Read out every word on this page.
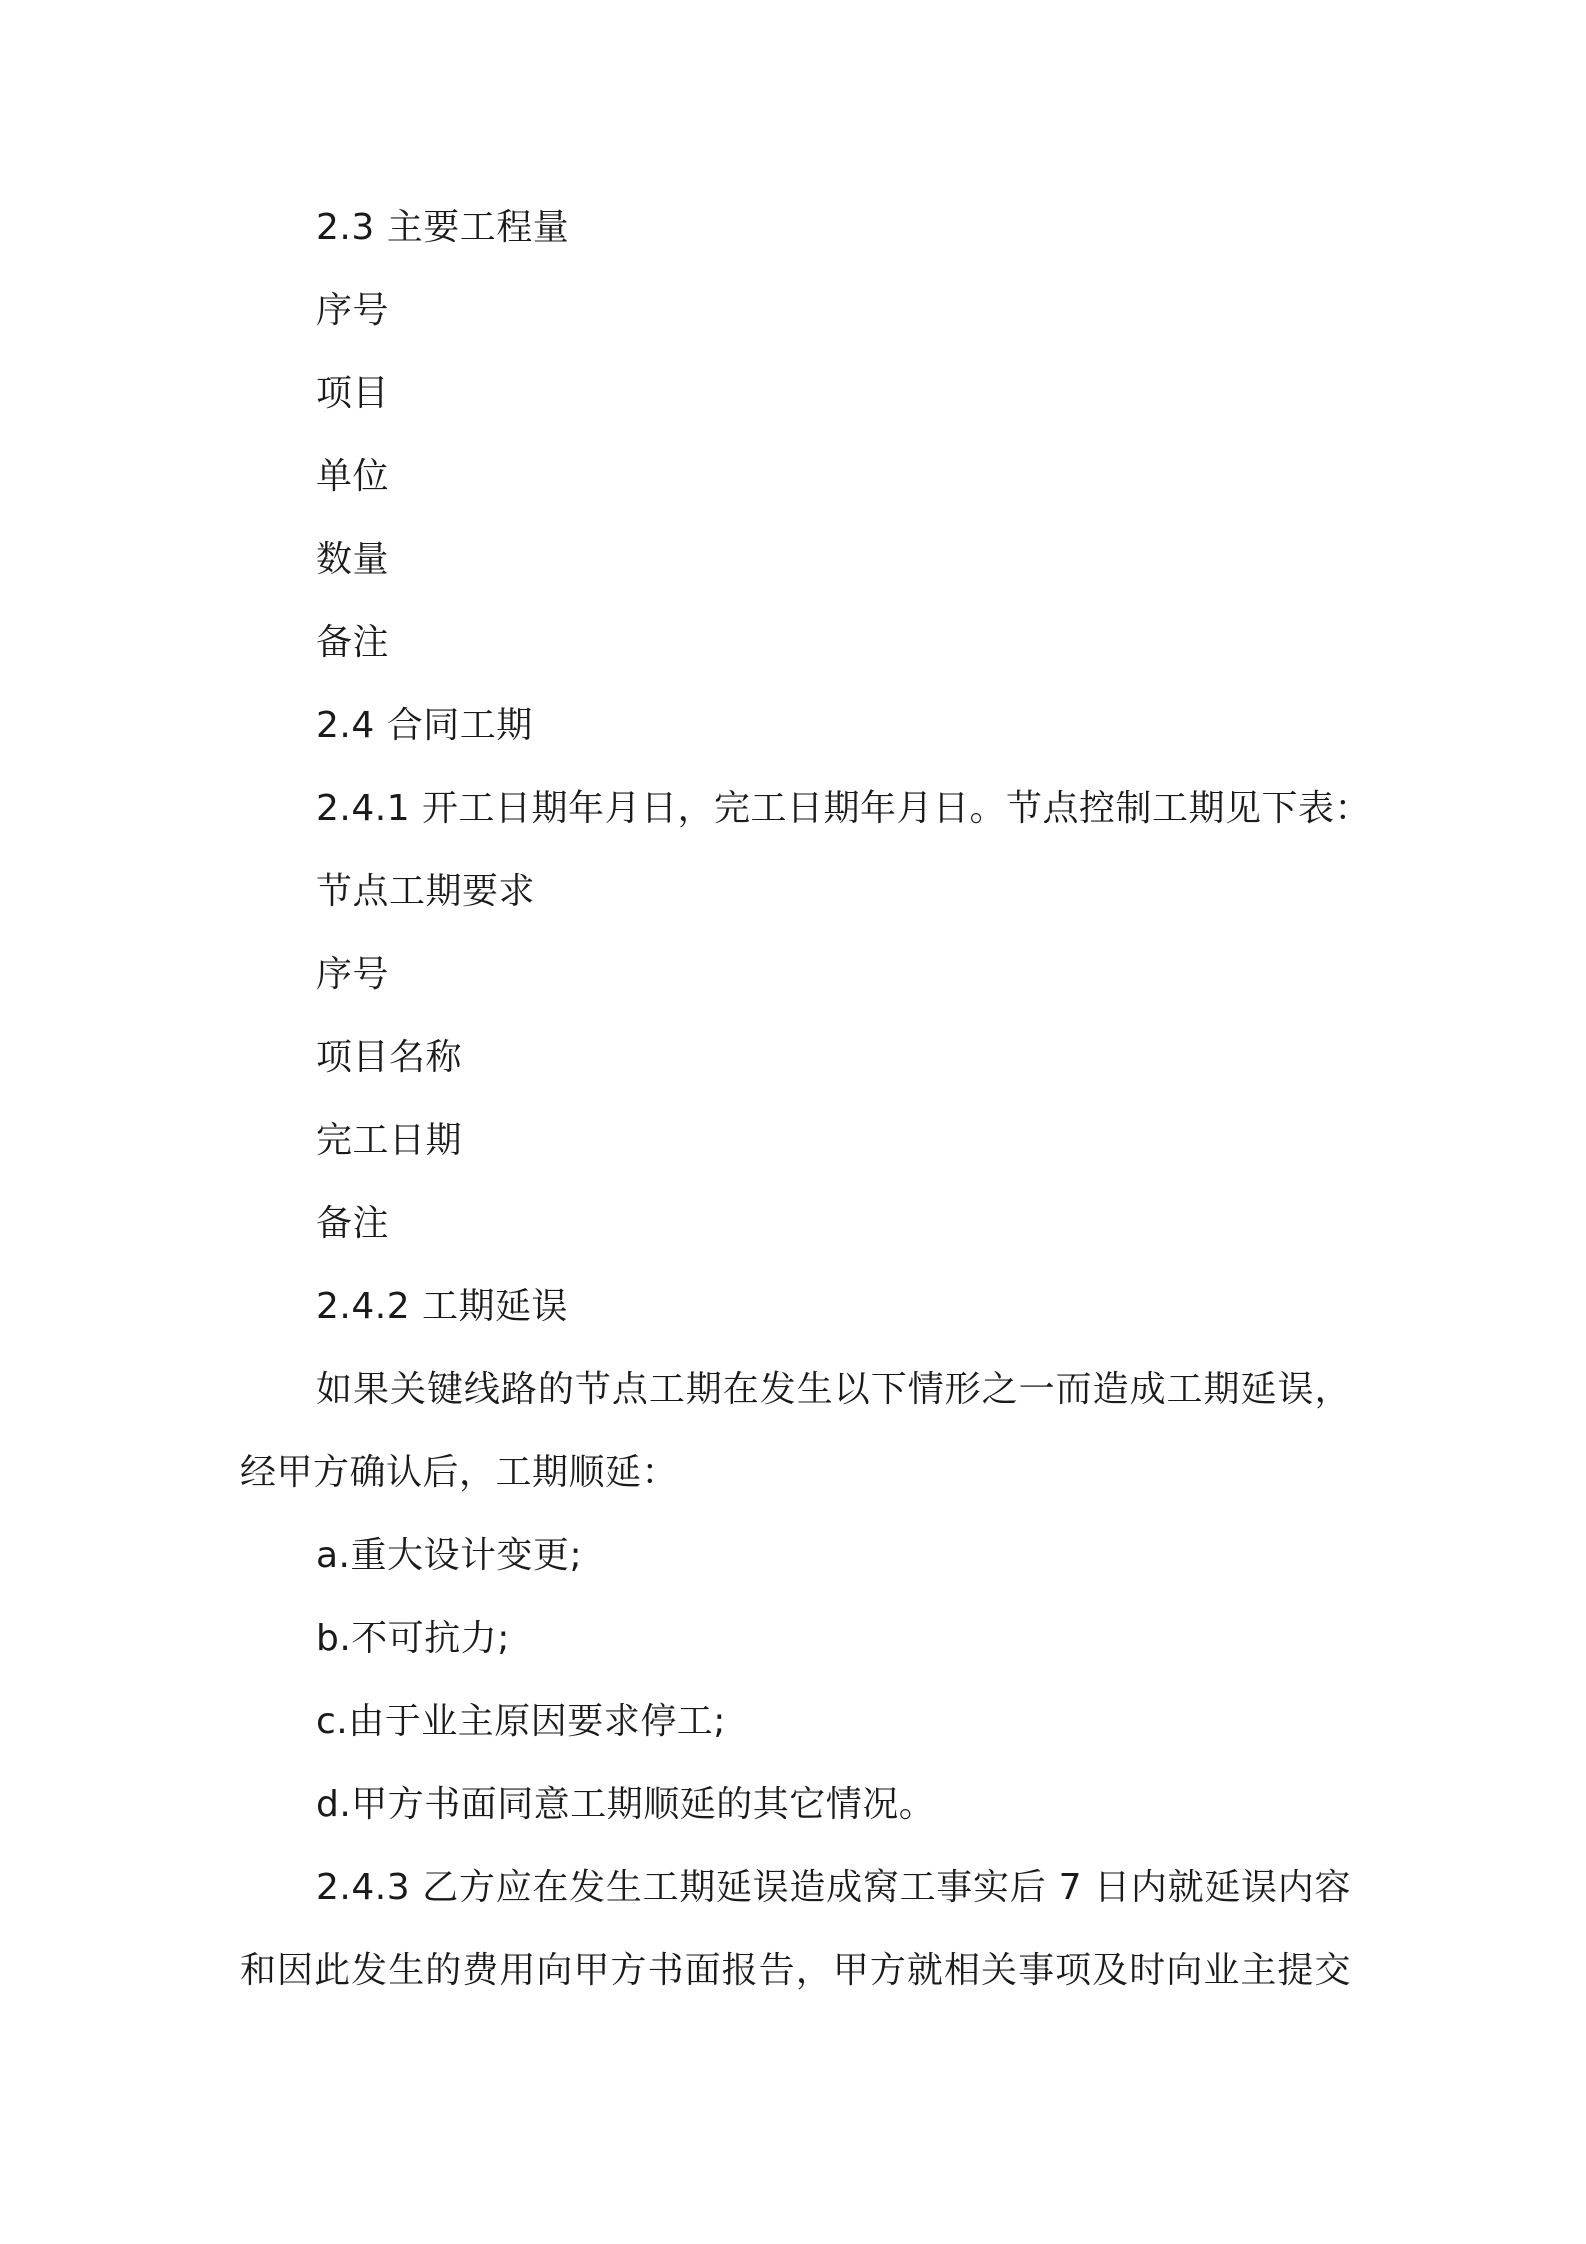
2.3 主要工程量
序号
项目
单位
数量
备注
2.4 合同工期
2.4.1 开工日期年月日，完工日期年月日。节点控制工期见下表：
节点工期要求
序号
项目名称
完工日期
备注
2.4.2 工期延误
如果关键线路的节点工期在发生以下情形之一而造成工期延误，
经甲方确认后，工期顺延：
a.重大设计变更;
b.不可抗力;
c.由于业主原因要求停工;
d.甲方书面同意工期顺延的其它情况。
2.4.3 乙方应在发生工期延误造成窝工事实后 7 日内就延误内容
和因此发生的费用向甲方书面报告，甲方就相关事项及时向业主提交
